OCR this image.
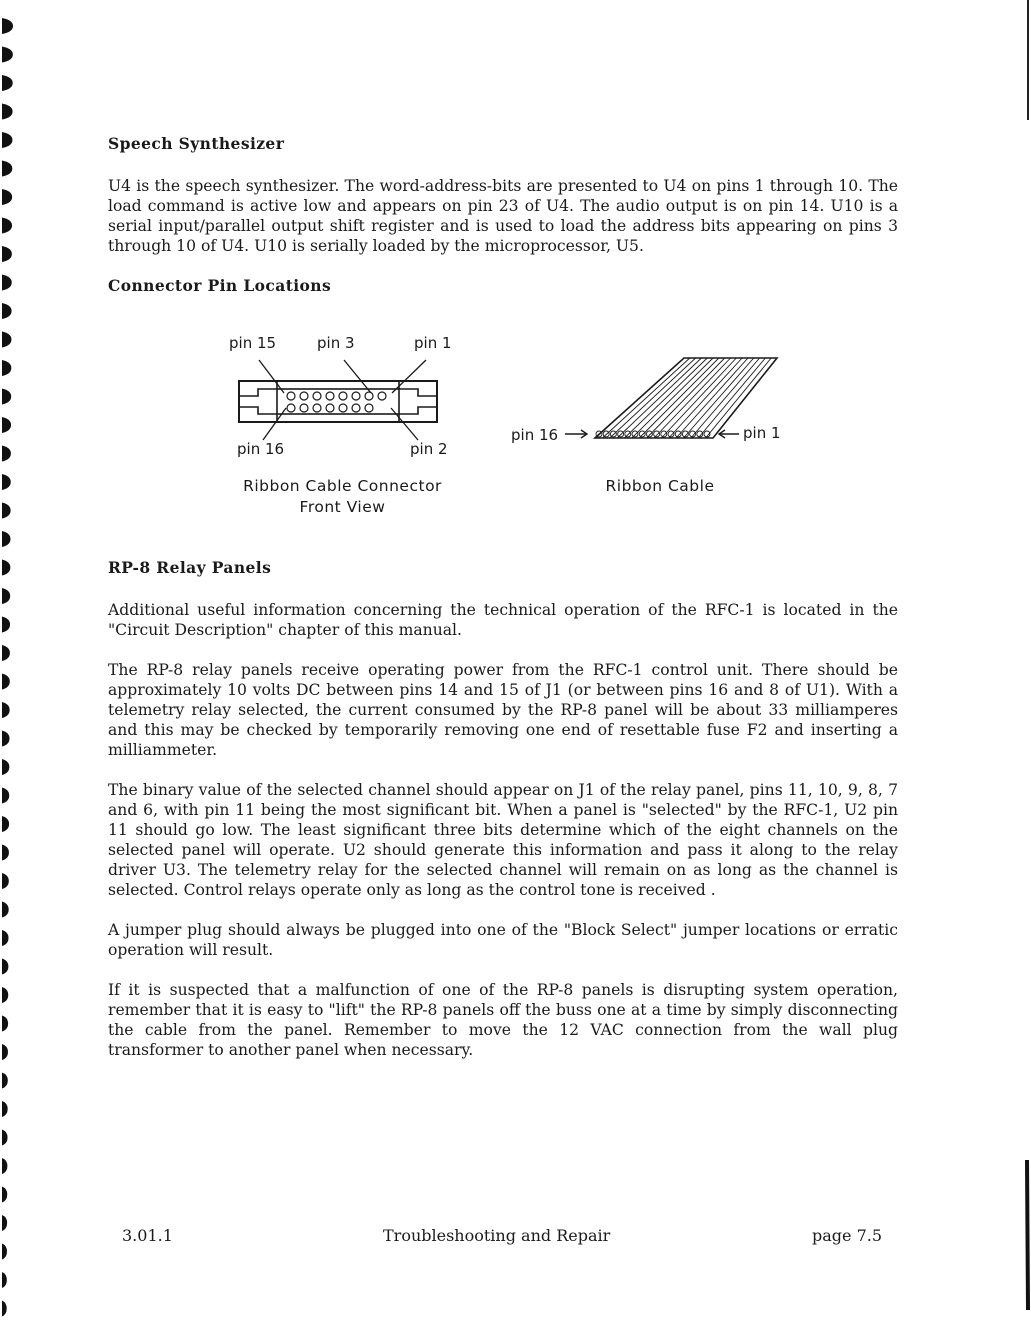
Speech Synthesizer

U4 is the speech synthesizer. The word-address-bits are presented to U4 on pins 1 through 10. The load command is active low and appears on pin 23 of U4. The audio output is on pin 14. U10 is a serial input/parallel output shift register and is used to load the address bits appearing on pins 3 through 10 of U4. U10 is serially loaded by the microprocessor, U5.

Connector Pin Locations
pin 15	pin 3	pin 1
pin 16	pin 2
Ribbon Cable Connector
Front View
pin 16	pin 1
Ribbon Cable
RP-8 Relay Panels

Additional useful information concerning the technical operation of the RFC-1 is located in the "Circuit Description" chapter of this manual.

The RP-8 relay panels receive operating power from the RFC-1 control unit. There should be approximately 10 volts DC between pins 14 and 15 of J1 (or between pins 16 and 8 of U1). With a telemetry relay selected, the current consumed by the RP-8 panel will be about 33 milliamperes and this may be checked by temporarily removing one end of resettable fuse F2 and inserting a milliammeter.

The binary value of the selected channel should appear on J1 of the relay panel, pins 11, 10, 9, 8, 7 and 6, with pin 11 being the most significant bit. When a panel is "selected" by the RFC-1, U2 pin 11 should go low. The least significant three bits determine which of the eight channels on the selected panel will operate. U2 should generate this information and pass it along to the relay driver U3. The telemetry relay for the selected channel will remain on as long as the channel is selected. Control relays operate only as long as the control tone is received .

A jumper plug should always be plugged into one of the "Block Select" jumper locations or erratic operation will result.

If it is suspected that a malfunction of one of the RP-8 panels is disrupting system operation, remember that it is easy to "lift" the RP-8 panels off the buss one at a time by simply disconnecting the cable from the panel. Remember to move the 12 VAC connection from the wall plug transformer to another panel when necessary.

3.01.1	Troubleshooting and Repair	page 7.5
